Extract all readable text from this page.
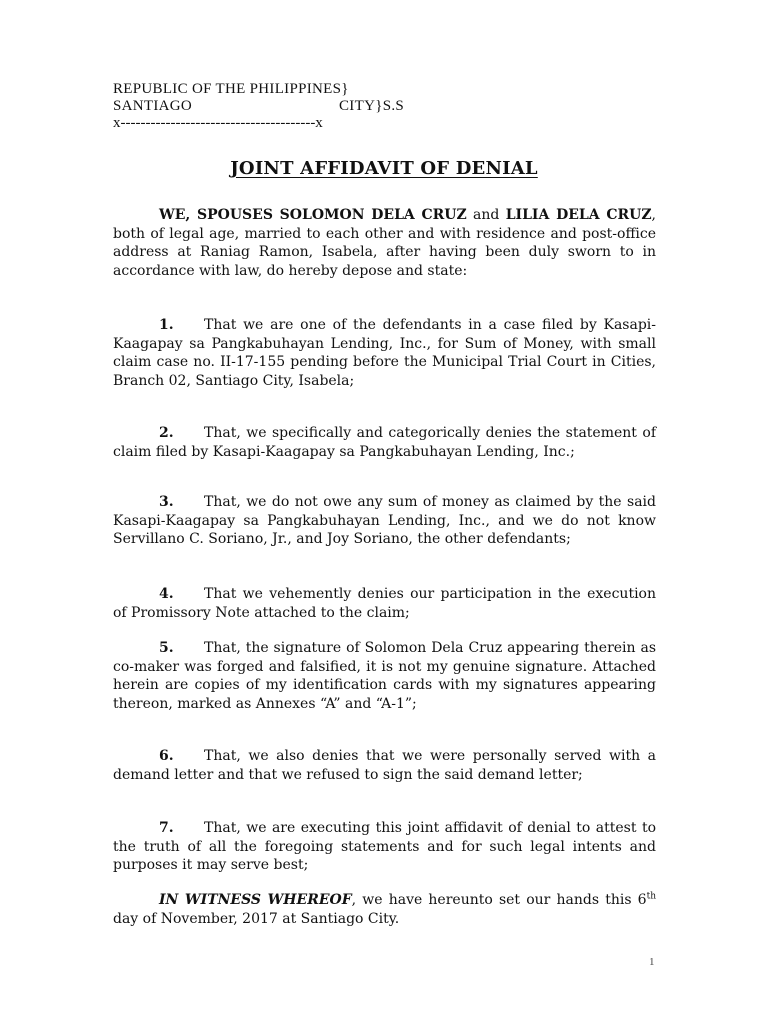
REPUBLIC OF THE PHILIPPINES}
SANTIAGO	CITY}S.S
x---------------------------------------x
JOINT AFFIDAVIT OF DENIAL

WE, SPOUSES SOLOMON DELA CRUZ and LILIA DELA CRUZ, both of legal age, married to each other and with residence and post-office address at Raniag Ramon, Isabela, after having been duly sworn to in accordance with law, do hereby depose and state:

1. That we are one of the defendants in a case filed by Kasapi-Kaagapay sa Pangkabuhayan Lending, Inc., for Sum of Money, with small claim case no. II-17-155 pending before the Municipal Trial Court in Cities, Branch 02, Santiago City, Isabela;

2. That, we specifically and categorically denies the statement of claim filed by Kasapi-Kaagapay sa Pangkabuhayan Lending, Inc.;

3. That, we do not owe any sum of money as claimed by the said Kasapi-Kaagapay sa Pangkabuhayan Lending, Inc., and we do not know Servillano C. Soriano, Jr., and Joy Soriano, the other defendants;

4. That we vehemently denies our participation in the execution of Promissory Note attached to the claim;

5. That, the signature of Solomon Dela Cruz appearing therein as co-maker was forged and falsified, it is not my genuine signature. Attached herein are copies of my identification cards with my signatures appearing thereon, marked as Annexes “A” and “A-1”;

6. That, we also denies that we were personally served with a demand letter and that we refused to sign the said demand letter;

7. That, we are executing this joint affidavit of denial to attest to the truth of all the foregoing statements and for such legal intents and purposes it may serve best;

IN WITNESS WHEREOF, we have hereunto set our hands this 6th day of November, 2017 at Santiago City.

1
